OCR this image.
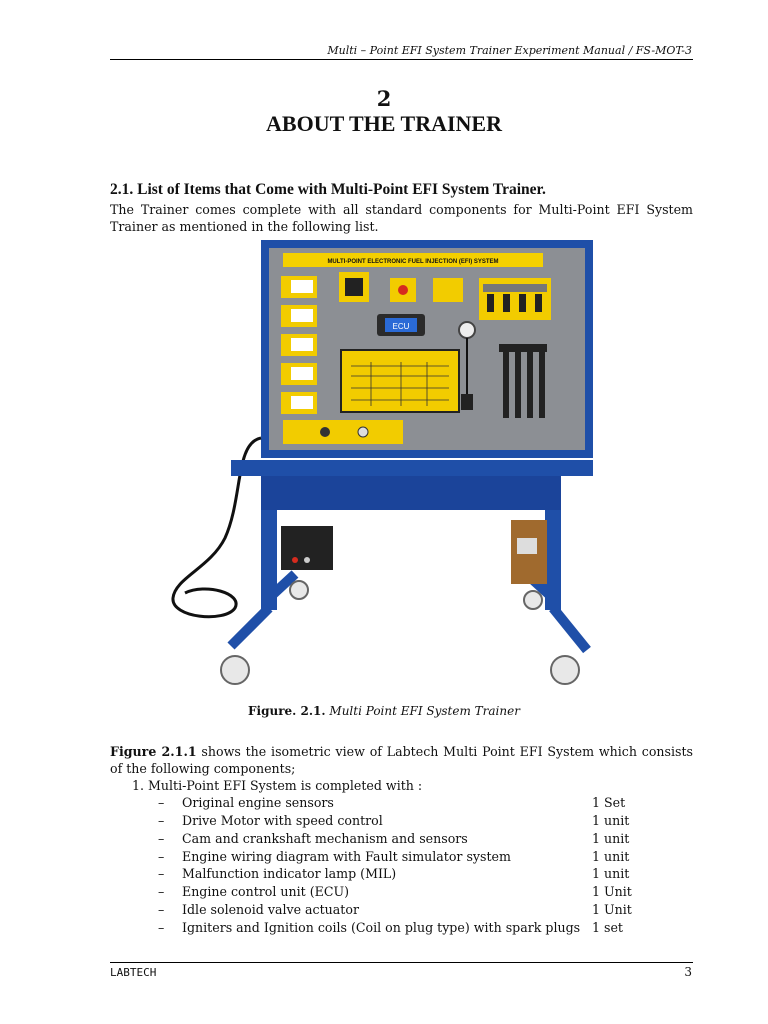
Multi – Point EFI System Trainer Experiment Manual / FS-MOT-3
2
ABOUT THE TRAINER
2.1. List of Items that Come with Multi-Point EFI System Trainer.
The Trainer comes complete with all standard components for Multi-Point EFI System Trainer as mentioned in the following list.
MULTI-POINT ELECTRONIC FUEL INJECTION (EFI) SYSTEM
ECU
Figure. 2.1. Multi Point EFI System Trainer
Figure 2.1.1 shows the isometric view of Labtech Multi Point EFI System which consists of the following components;
1. Multi-Point EFI System is completed with :
– Original engine sensors	1 Set
– Drive Motor with speed control	1 unit
– Cam and crankshaft mechanism and sensors	1 unit
– Engine wiring diagram with Fault simulator system	1 unit
– Malfunction indicator lamp (MIL)	1 unit
– Engine control unit (ECU)	1 Unit
– Idle solenoid valve actuator	1 Unit
– Igniters and Ignition coils (Coil on plug type) with spark plugs 1 set
LABTECH	3
